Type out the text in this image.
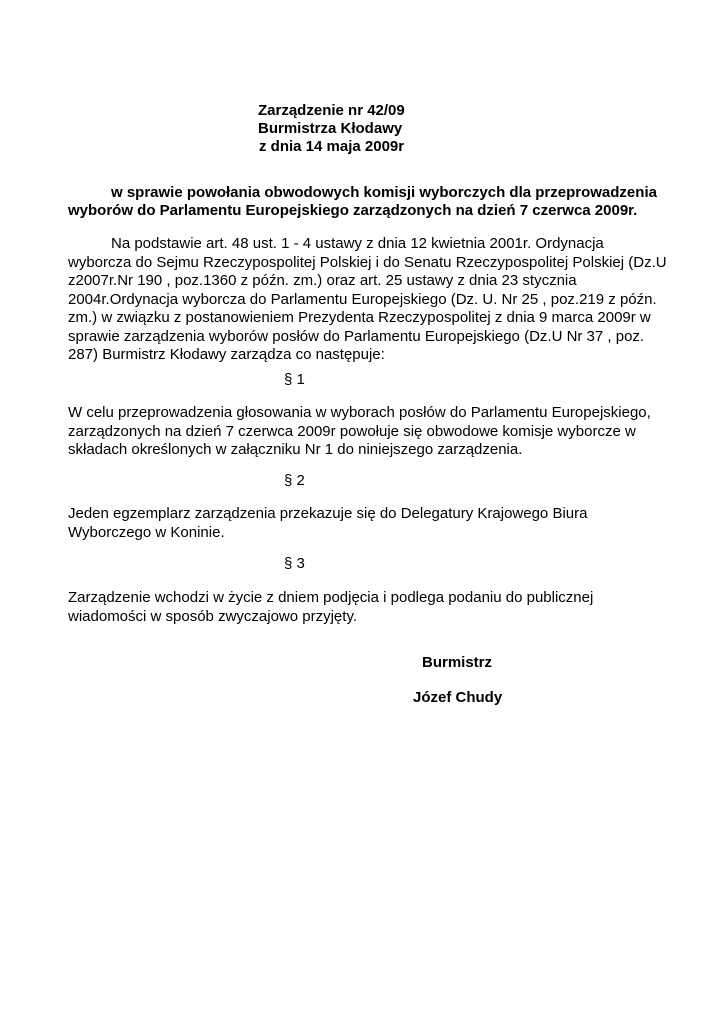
Zarządzenie nr 42/09
Burmistrza Kłodawy
z dnia 14 maja 2009r
w sprawie powołania obwodowych komisji wyborczych dla przeprowadzenia
wyborów do Parlamentu Europejskiego zarządzonych na dzień 7 czerwca 2009r.
Na podstawie art. 48 ust. 1 - 4 ustawy z dnia 12 kwietnia 2001r. Ordynacja
wyborcza do Sejmu Rzeczypospolitej Polskiej i do Senatu Rzeczypospolitej Polskiej (Dz.U
z2007r.Nr 190 , poz.1360 z późn. zm.) oraz art. 25 ustawy z dnia 23 stycznia
2004r.Ordynacja wyborcza do Parlamentu Europejskiego (Dz. U. Nr 25 , poz.219 z późn.
zm.) w związku z postanowieniem Prezydenta Rzeczypospolitej z dnia 9 marca 2009r w
sprawie zarządzenia wyborów posłów do Parlamentu Europejskiego (Dz.U Nr 37 , poz.
287) Burmistrz Kłodawy zarządza co następuje:
§ 1
W celu przeprowadzenia głosowania w wyborach posłów do Parlamentu Europejskiego,
zarządzonych na dzień 7 czerwca 2009r powołuje się obwodowe komisje wyborcze w
składach określonych w załączniku Nr 1 do niniejszego zarządzenia.
§ 2
Jeden egzemplarz zarządzenia przekazuje się do Delegatury Krajowego Biura
Wyborczego w Koninie.
§ 3
Zarządzenie wchodzi w życie z dniem podjęcia i podlega podaniu do publicznej
wiadomości w sposób zwyczajowo przyjęty.
Burmistrz
Józef Chudy
